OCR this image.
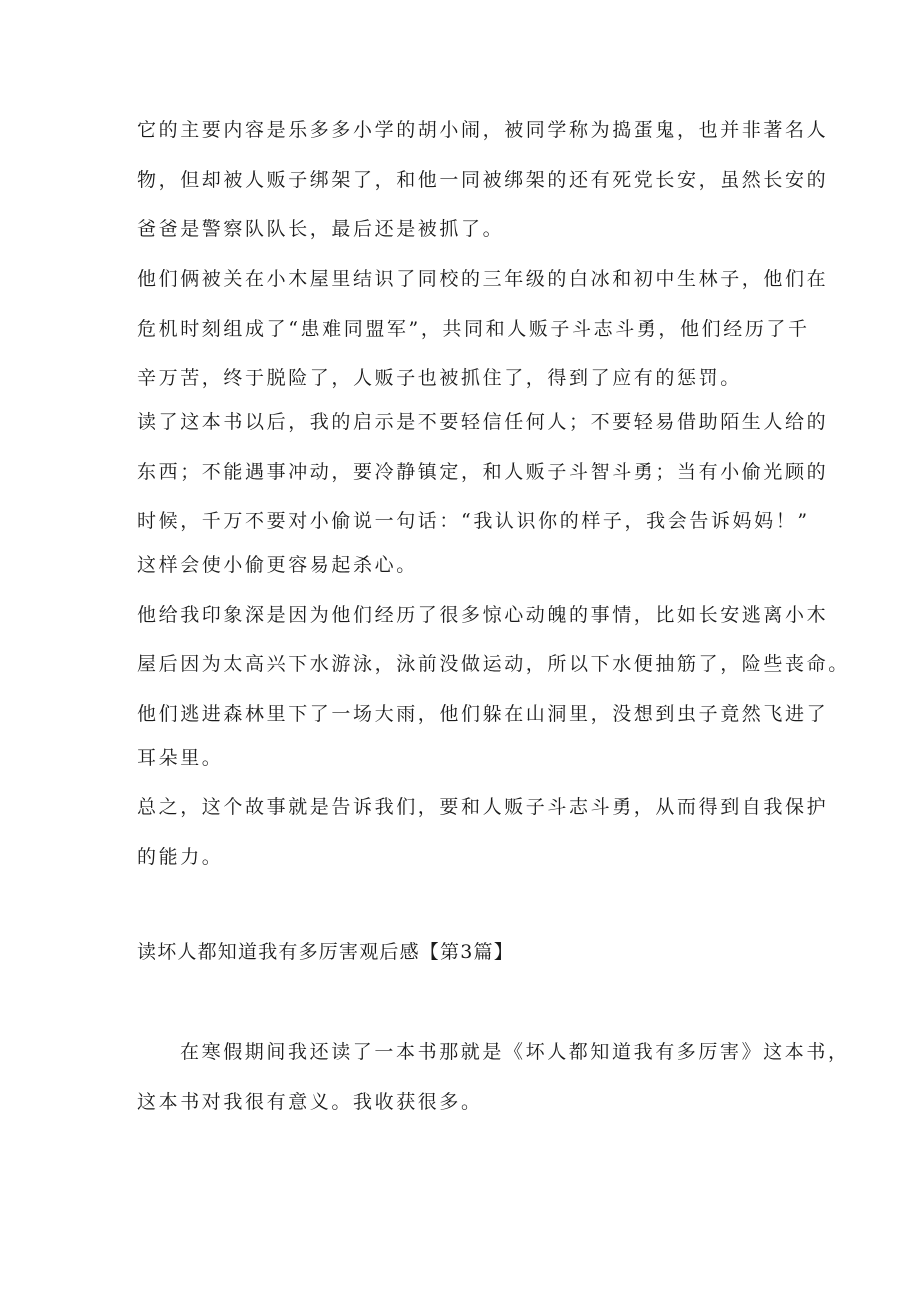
它的主要内容是乐多多小学的胡小闹，被同学称为捣蛋鬼，也并非著名人
物，但却被人贩子绑架了，和他一同被绑架的还有死党长安，虽然长安的
爸爸是警察队队长，最后还是被抓了。
他们俩被关在小木屋里结识了同校的三年级的白冰和初中生林子，他们在
危机时刻组成了“患难同盟军”，共同和人贩子斗志斗勇，他们经历了千
辛万苦，终于脱险了，人贩子也被抓住了，得到了应有的惩罚。
读了这本书以后，我的启示是不要轻信任何人；不要轻易借助陌生人给的
东西；不能遇事冲动，要冷静镇定，和人贩子斗智斗勇；当有小偷光顾的
时候，千万不要对小偷说一句话：“我认识你的样子，我会告诉妈妈！”
这样会使小偷更容易起杀心。
他给我印象深是因为他们经历了很多惊心动魄的事情，比如长安逃离小木
屋后因为太高兴下水游泳，泳前没做运动，所以下水便抽筋了，险些丧命。
他们逃进森林里下了一场大雨，他们躲在山洞里，没想到虫子竟然飞进了
耳朵里。
总之，这个故事就是告诉我们，要和人贩子斗志斗勇，从而得到自我保护
的能力。
读坏人都知道我有多厉害观后感【第3篇】
在寒假期间我还读了一本书那就是《坏人都知道我有多厉害》这本书，
这本书对我很有意义。我收获很多。
